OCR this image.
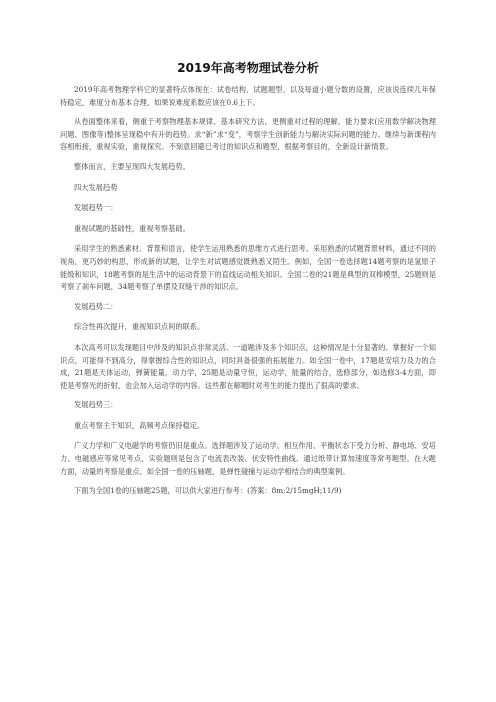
2019年高考物理试卷分析

2019年高考物理学科它的显著特点体现在：试卷结构、试题题型、以及每道小题分数的设置，应该说连续几年保持稳定，难度分布基本合理，如果说难度系数应该在0.6上下。

从卷面整体来看，侧重于考察物理基本规律、基本研究方法，更侧重对过程的理解、能力要求(应用数学解决物理问题、图像等)整体呈现稳中有升的趋势。求“新”求“变”，考察学生创新能力与解决实际问题的能力。继续与新课程内容相衔接，重视实验，重视探究。不刻意回避已考过的知识点和题型，根据考察目的，全新设计新情景。

整体而言，主要呈现四大发展趋势。

四大发展趋势

发展趋势一：

重视试题的基础性，重视考察基础。

采用学生的熟悉素材、背景和语言，使学生运用熟悉的思维方式进行思考。采用熟悉的试题背景材料，通过不同的视角，更巧妙的构思，形成新的试题，让学生对试题感觉既熟悉又陌生。例如，全国一卷选择题14题考察的是氢原子能级和知识，18题考察的是生活中的运动背景下的直线运动相关知识。全国二卷的21题是典型的双棒模型，25题则是考察了刹车问题，34题考察了单摆及双缝干涉的知识点。

发展趋势二：

综合性再次提升，重视知识点间的联系。

本次高考可以发现题目中涉及的知识点非常灵活。一道题涉及多个知识点，这种情况是十分显著的。掌握好一个知识点，可能得不到高分，得掌握综合性的知识点，同时具备很强的拓展能力。如全国一卷中，17题是安培力及力的合成，21题是天体运动，弹簧能量，动力学，25题是动量守恒，运动学，能量的结合，选修部分，如选修3-4方面，即使是考察光的折射，也会加入运动学的内容。这些都在解题时对考生的能力提出了很高的要求。

发展趋势三：

重点考察主干知识，高频考点保持稳定。

广义力学和广义电磁学的考察仍旧是重点。选择题涉及了运动学、相互作用、平衡状态下受力分析、静电场、安培力、电磁感应等常见考点，实验题则是包含了电流表改装、伏安特性曲线、通过纸带计算加速度等常考题型。在大题方面，动量的考察是重点。如全国一卷的压轴题，是弹性碰撞与运动学相结合的典型案例。

下面为全国1卷的压轴题25题，可以供大家进行参考：(答案：8m;2/15mgH;11/9)
